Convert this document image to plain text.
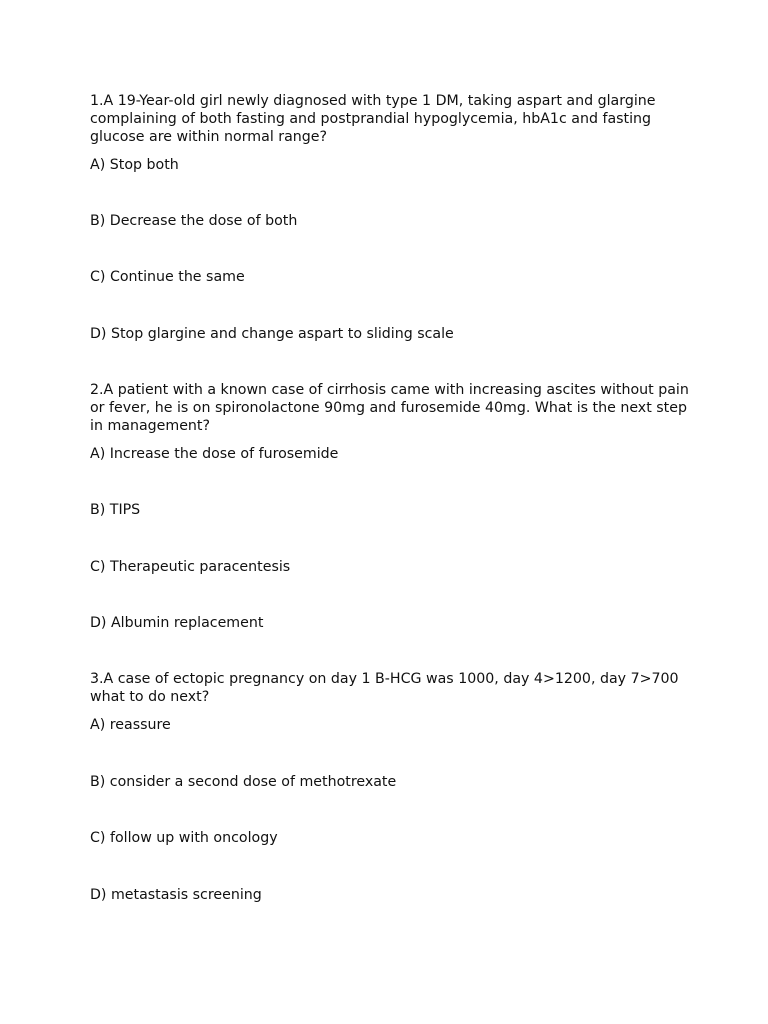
1.A 19-Year-old girl newly diagnosed with type 1 DM, taking aspart and glargine complaining of both fasting and postprandial hypoglycemia, hbA1c and fasting glucose are within normal range?

A) Stop both

B) Decrease the dose of both

C) Continue the same

D) Stop glargine and change aspart to sliding scale

2.A patient with a known case of cirrhosis came with increasing ascites without pain or fever, he is on spironolactone 90mg and furosemide 40mg. What is the next step in management?

A) Increase the dose of furosemide

B) TIPS

C) Therapeutic paracentesis

D) Albumin replacement

3.A case of ectopic pregnancy on day 1 B-HCG was 1000, day 4>1200, day 7>700 what to do next?

A) reassure

B) consider a second dose of methotrexate

C) follow up with oncology

D) metastasis screening
